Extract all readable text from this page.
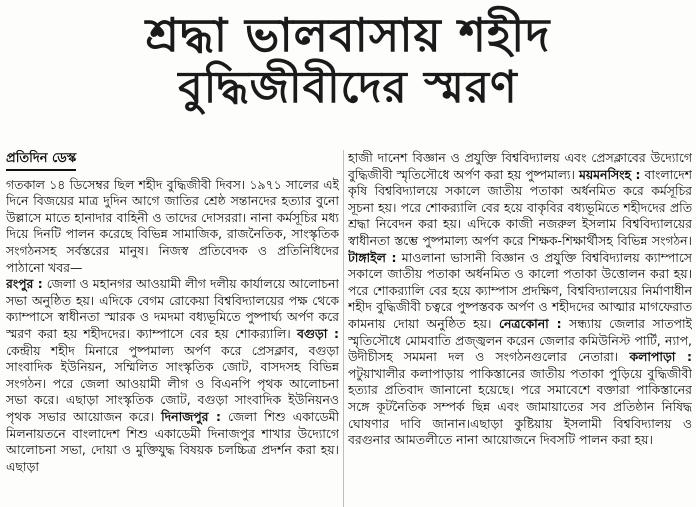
শ্রদ্ধা ভালবাসায় শহীদ
বুদ্ধিজীবীদের স্মরণ
প্রতিদিন ডেস্ক

গতকাল ১৪ ডিসেম্বর ছিল শহীদ বুদ্ধিজীবী দিবস। ১৯৭১ সালের এই দিনে বিজয়ের মাত্র দুদিন আগে জাতির শ্রেষ্ঠ সন্তানদের হত্যার বুনো উল্লাসে মাতে হানাদার বাহিনী ও তাদের দোসররা। নানা কর্মসূচির মধ্য দিয়ে দিনটি পালন করেছে বিভিন্ন সামাজিক, রাজনৈতিক, সাংস্কৃতিক সংগঠনসহ সর্বস্তরের মানুষ। নিজস্ব প্রতিবেদক ও প্রতিনিধিদের পাঠানো খবর—

রংপুর : জেলা ও মহানগর আওয়ামী লীগ দলীয় কার্যালয়ে আলোচনা সভা অনুষ্ঠিত হয়। এদিকে বেগম রোকেয়া বিশ্ববিদ্যালয়ের পক্ষ থেকে ক্যাম্পাসে স্বাধীনতা স্মারক ও দমদমা বধ্যভূমিতে পুষ্পার্ঘ্য অর্পণ করে স্মরণ করা হয় শহীদদের। ক্যাম্পাসে বের হয় শোকর‍্যালি। বগুড়া : কেন্দ্রীয় শহীদ মিনারে পুষ্পমাল্য অর্পণ করে প্রেসক্লাব, বগুড়া সাংবাদিক ইউনিয়ন, সম্মিলিত সাংস্কৃতিক জোট, বাসদসহ বিভিন্ন সংগঠন। পরে জেলা আওয়ামী লীগ ও বিএনপি পৃথক আলোচনা সভা করে। এছাড়া সাংস্কৃতিক জোট, বগুড়া সাংবাদিক ইউনিয়নও পৃথক সভার আয়োজন করে। দিনাজপুর : জেলা শিশু একাডেমী মিলনায়তনে বাংলাদেশ শিশু একাডেমী দিনাজপুর শাখার উদ্যোগে আলোচনা সভা, দোয়া ও মুক্তিযুদ্ধ বিষয়ক চলচ্চিত্র প্রদর্শন করা হয়। এছাড়া

হাজী দানেশ বিজ্ঞান ও প্রযুক্তি বিশ্ববিদ্যালয় এবং প্রেসক্লাবের উদ্যোগে বুদ্ধিজীবী স্মৃতিসৌধে অর্পণ করা হয় পুষ্পমাল্য। ময়মনসিংহ : বাংলাদেশ কৃষি বিশ্ববিদ্যালয়ে সকালে জাতীয় পতাকা অর্ধনমিত করে কর্মসূচির সূচনা হয়। পরে শোকর‍্যালি বের হয়ে বাকৃবির বধ্যভূমিতে শহীদদের প্রতি শ্রদ্ধা নিবেদন করা হয়। এদিকে কাজী নজরুল ইসলাম বিশ্ববিদ্যালয়ের স্বাধীনতা স্তম্ভে পুষ্পমাল্য অর্পণ করে শিক্ষক-শিক্ষার্থীসহ বিভিন্ন সংগঠন। টাঙ্গাইল : মাওলানা ভাসানী বিজ্ঞান ও প্রযুক্তি বিশ্ববিদ্যালয় ক্যাম্পাসে সকালে জাতীয় পতাকা অর্ধনমিত ও কালো পতাকা উত্তোলন করা হয়। পরে শোকর‍্যালি বের হয়ে ক্যাম্পাস প্রদক্ষিণ, বিশ্ববিদ্যালয়ের নির্মাণাধীন শহীদ বুদ্ধিজীবী চত্বরে পুষ্পস্তবক অর্পণ ও শহীদদের আত্মার মাগফেরাত কামনায় দোয়া অনুষ্ঠিত হয়। নেত্রকোনা : সন্ধ্যায় জেলার সাতপাই স্মৃতিসৌধে মোমবাতি প্রজ্জ্বলন করেন জেলার কমিউনিস্ট পার্টি, ন্যাপ, উদীচীসহ সমমনা দল ও সংগঠনগুলোর নেতারা। কলাপাড়া : পটুয়াখালীর কলাপাড়ায় পাকিস্তানের জাতীয় পতাকা পুড়িয়ে বুদ্ধিজীবী হত্যার প্রতিবাদ জানানো হয়েছে। পরে সমাবেশে বক্তারা পাকিস্তানের সঙ্গে কূটনৈতিক সম্পর্ক ছিন্ন এবং জামায়াতের সব প্রতিষ্ঠান নিষিদ্ধ ঘোষণার দাবি জানান।এছাড়া কুষ্টিয়ায় ইসলামী বিশ্ববিদ্যালয় ও বরগুনার আমতলীতে নানা আয়োজনে দিবসটি পালন করা হয়।
